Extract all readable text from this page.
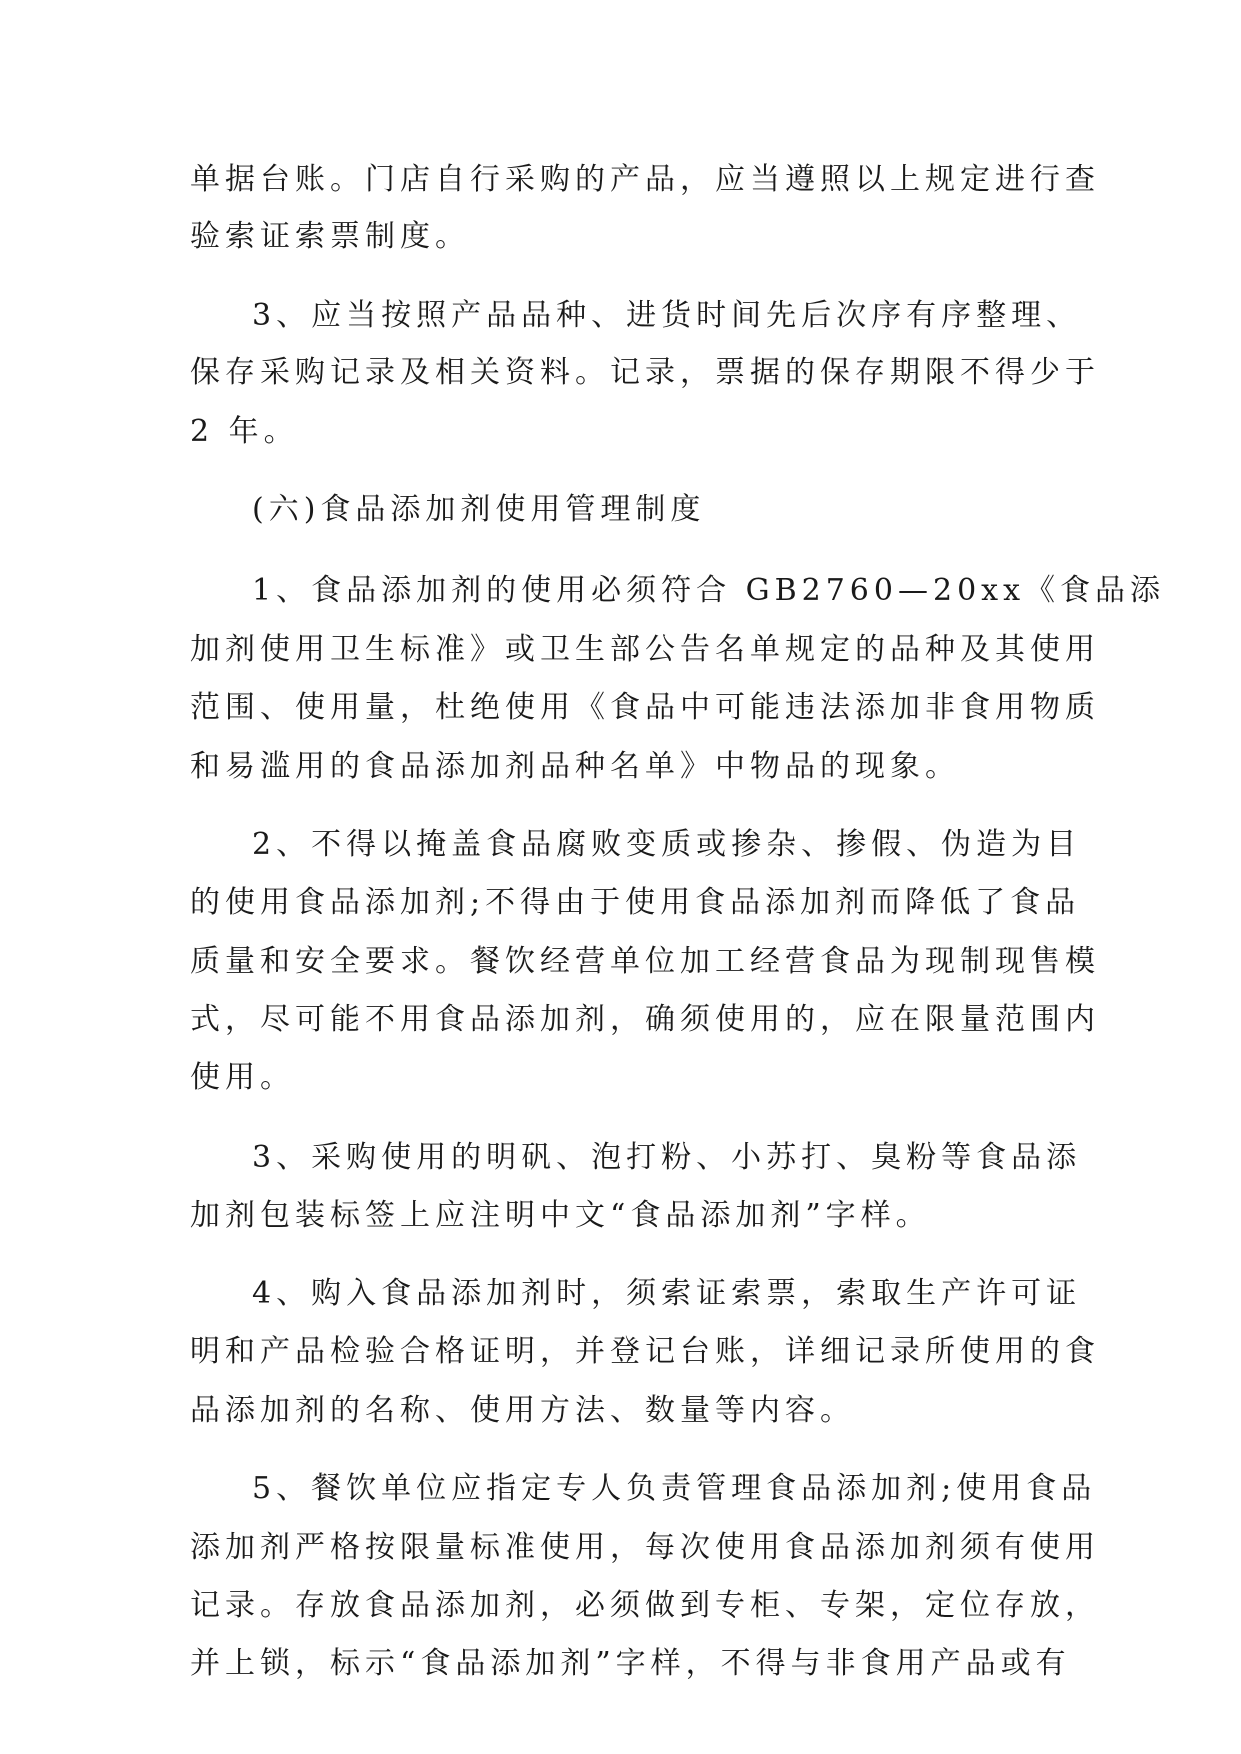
单据台账。门店自行采购的产品，应当遵照以上规定进行查
验索证索票制度。
3、应当按照产品品种、进货时间先后次序有序整理、
保存采购记录及相关资料。记录，票据的保存期限不得少于
2 年。
(六)食品添加剂使用管理制度
1、食品添加剂的使用必须符合 GB2760—20xx《食品添
加剂使用卫生标准》或卫生部公告名单规定的品种及其使用
范围、使用量，杜绝使用《食品中可能违法添加非食用物质
和易滥用的食品添加剂品种名单》中物品的现象。
2、不得以掩盖食品腐败变质或掺杂、掺假、伪造为目
的使用食品添加剂;不得由于使用食品添加剂而降低了食品
质量和安全要求。餐饮经营单位加工经营食品为现制现售模
式，尽可能不用食品添加剂，确须使用的，应在限量范围内
使用。
3、采购使用的明矾、泡打粉、小苏打、臭粉等食品添
加剂包装标签上应注明中文“食品添加剂”字样。
4、购入食品添加剂时，须索证索票，索取生产许可证
明和产品检验合格证明，并登记台账，详细记录所使用的食
品添加剂的名称、使用方法、数量等内容。
5、餐饮单位应指定专人负责管理食品添加剂;使用食品
添加剂严格按限量标准使用，每次使用食品添加剂须有使用
记录。存放食品添加剂，必须做到专柜、专架，定位存放，
并上锁，标示“食品添加剂”字样，不得与非食用产品或有
